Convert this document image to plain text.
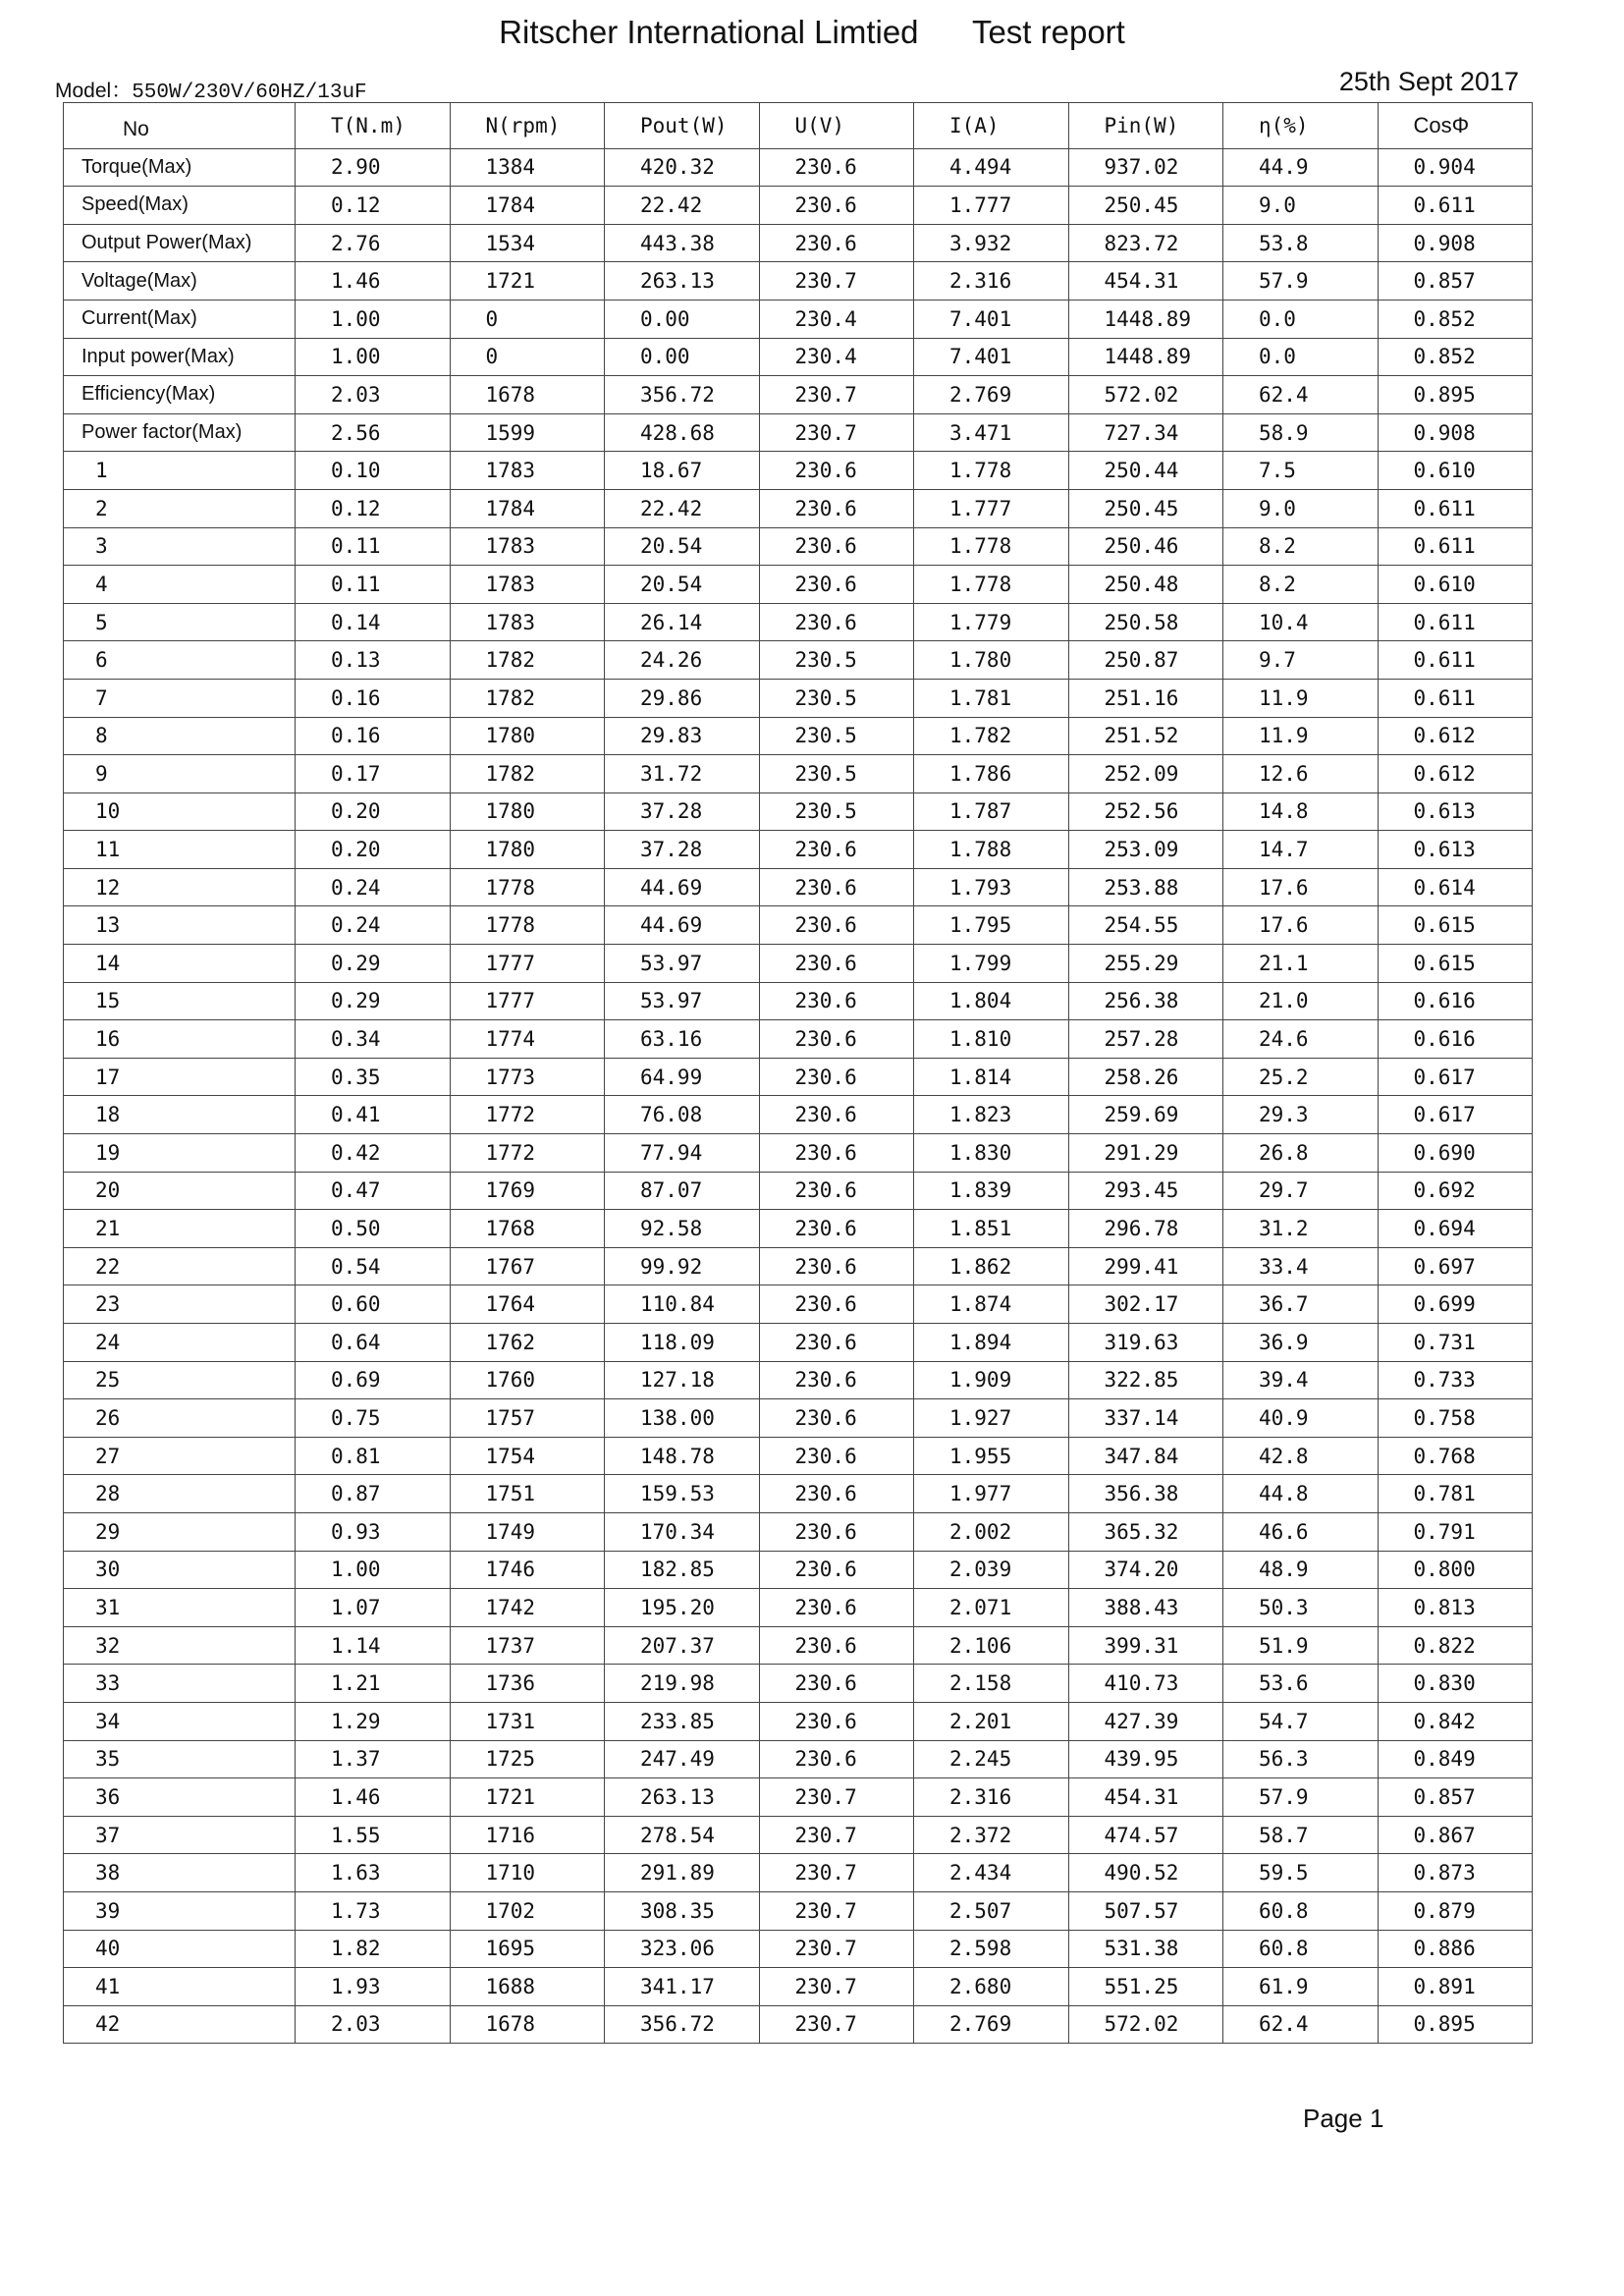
Ritscher International Limtied      Test report
Model：550W/230V/60HZ/13uF	25th Sept 2017
No	T(N.m)	N(rpm)	Pout(W)	U(V)	I(A)	Pin(W)	η(%)	CosΦ
Torque(Max)	2.90	1384	420.32	230.6	4.494	937.02	44.9	0.904
Speed(Max)	0.12	1784	22.42	230.6	1.777	250.45	9.0	0.611
Output Power(Max)	2.76	1534	443.38	230.6	3.932	823.72	53.8	0.908
Voltage(Max)	1.46	1721	263.13	230.7	2.316	454.31	57.9	0.857
Current(Max)	1.00	0	0.00	230.4	7.401	1448.89	0.0	0.852
Input power(Max)	1.00	0	0.00	230.4	7.401	1448.89	0.0	0.852
Efficiency(Max)	2.03	1678	356.72	230.7	2.769	572.02	62.4	0.895
Power factor(Max)	2.56	1599	428.68	230.7	3.471	727.34	58.9	0.908
1	0.10	1783	18.67	230.6	1.778	250.44	7.5	0.610
2	0.12	1784	22.42	230.6	1.777	250.45	9.0	0.611
3	0.11	1783	20.54	230.6	1.778	250.46	8.2	0.611
4	0.11	1783	20.54	230.6	1.778	250.48	8.2	0.610
5	0.14	1783	26.14	230.6	1.779	250.58	10.4	0.611
6	0.13	1782	24.26	230.5	1.780	250.87	9.7	0.611
7	0.16	1782	29.86	230.5	1.781	251.16	11.9	0.611
8	0.16	1780	29.83	230.5	1.782	251.52	11.9	0.612
9	0.17	1782	31.72	230.5	1.786	252.09	12.6	0.612
10	0.20	1780	37.28	230.5	1.787	252.56	14.8	0.613
11	0.20	1780	37.28	230.6	1.788	253.09	14.7	0.613
12	0.24	1778	44.69	230.6	1.793	253.88	17.6	0.614
13	0.24	1778	44.69	230.6	1.795	254.55	17.6	0.615
14	0.29	1777	53.97	230.6	1.799	255.29	21.1	0.615
15	0.29	1777	53.97	230.6	1.804	256.38	21.0	0.616
16	0.34	1774	63.16	230.6	1.810	257.28	24.6	0.616
17	0.35	1773	64.99	230.6	1.814	258.26	25.2	0.617
18	0.41	1772	76.08	230.6	1.823	259.69	29.3	0.617
19	0.42	1772	77.94	230.6	1.830	291.29	26.8	0.690
20	0.47	1769	87.07	230.6	1.839	293.45	29.7	0.692
21	0.50	1768	92.58	230.6	1.851	296.78	31.2	0.694
22	0.54	1767	99.92	230.6	1.862	299.41	33.4	0.697
23	0.60	1764	110.84	230.6	1.874	302.17	36.7	0.699
24	0.64	1762	118.09	230.6	1.894	319.63	36.9	0.731
25	0.69	1760	127.18	230.6	1.909	322.85	39.4	0.733
26	0.75	1757	138.00	230.6	1.927	337.14	40.9	0.758
27	0.81	1754	148.78	230.6	1.955	347.84	42.8	0.768
28	0.87	1751	159.53	230.6	1.977	356.38	44.8	0.781
29	0.93	1749	170.34	230.6	2.002	365.32	46.6	0.791
30	1.00	1746	182.85	230.6	2.039	374.20	48.9	0.800
31	1.07	1742	195.20	230.6	2.071	388.43	50.3	0.813
32	1.14	1737	207.37	230.6	2.106	399.31	51.9	0.822
33	1.21	1736	219.98	230.6	2.158	410.73	53.6	0.830
34	1.29	1731	233.85	230.6	2.201	427.39	54.7	0.842
35	1.37	1725	247.49	230.6	2.245	439.95	56.3	0.849
36	1.46	1721	263.13	230.7	2.316	454.31	57.9	0.857
37	1.55	1716	278.54	230.7	2.372	474.57	58.7	0.867
38	1.63	1710	291.89	230.7	2.434	490.52	59.5	0.873
39	1.73	1702	308.35	230.7	2.507	507.57	60.8	0.879
40	1.82	1695	323.06	230.7	2.598	531.38	60.8	0.886
41	1.93	1688	341.17	230.7	2.680	551.25	61.9	0.891
42	2.03	1678	356.72	230.7	2.769	572.02	62.4	0.895
Page 1
